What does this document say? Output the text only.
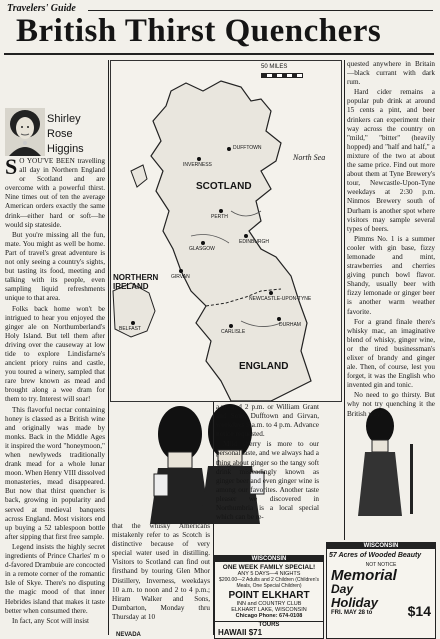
Travelers' Guide
British Thirst Quenchers
Shirley
Rose
Higgins

S O YOU'VE BEEN travelling all day in Northern England or Scotland and are overcome with a powerful thirst. Nine times out of ten the average American orders exactly the same drink—either hard or soft—he would sip stateside.

But you're missing all the fun, mate. You might as well be home. Part of travel's great adventure is not only seeing a country's sights, but tasting its food, meeting and talking with its people, even sampling liquid refreshments unique to that area.

Folks back home won't be intrigued to hear you enjoyed the ginger ale on Northumberland's Holy Island. But tell them after driving over the causeway at low tide to explore Lindisfarne's ancient priory ruins and castle, you toured a winery, sampled that rare brew known as mead and brought along a wee dram for them to try. Interest will soar!

This flavorful nectar containing honey is classed as a British wine and originally was made by monks. Back in the Middle Ages it inspired the word "honeymoon," when newlyweds traditionally drank mead for a whole lunar moon. When Henry VIII dissolved monasteries, mead disappeared. But now that thirst quencher is back, growing in popularity and served at medieval banquets across England. Most visitors end up buying a 52 tablespoon bottle after sipping that first free sample.

Legend insists the highly secret ingredients of Prince Charles' m o d-favored Drambuie are concocted in a remote corner of the romantic Isle of Skye. There's no disputing the magic mood of that inner Hebrides island that makes it taste better when consumed there.

In fact, any Scot will insist

50 MILES
North Sea
SCOTLAND
ENGLAND
NORTHERN IRELAND
INVERNESS
DUFFTOWN
PERTH
EDINBURGH
GLASGOW
GIRVAN
NEWCASTLE-UPON-TYNE
CARLISLE
DURHAM
BELFAST

that the whisky Americans mistakenly refer to as Scotch is distinctive because of very special water used in distilling. Visitors to Scotland can find out firsthand by touring Glen Mhor Distillery, Inverness, weekdays 10 a.m. to noon and 2 to 4 p.m.; Hiram Walker and Sons, Dumbarton, Monday thru Thursday at 10

a.m. and 2 p.m. or William Grant and Sons, Dufftown and Girvan, weekdays 9 a.m. to 4 p.m. Advance notice requested.

Mild sherry is more to our personal taste, and we always had a thing about ginger so the tangy soft drink misleadingly known as ginger beer and even ginger wine is among our favorites. Another taste pleaser we discovered in Northumbria is a local special which can be re-

quested anywhere in Britain—black currant with dark rum.

Hard cider remains a popular pub drink at around 15 cents a pint, and beer drinkers can experiment their way across the country on "mild," "bitter" (heavily hopped) and "half and half," a mixture of the two at about the same price. Find out more about them at Tyne Brewery's tour, Newcastle-Upon-Tyne weekdays at 2:30 p.m. Ninmos Brewery south of Durham is another spot where visitors may sample several types of beers.

Pimms No. 1 is a summer cooler with gin base, fizzy lemonade and mint, strawberries and cherries giving punch bowl flavor. Shandy, usually beer with fizzy lemonade or ginger beer is another warm weather favorite.

For a grand finale there's whisky mac, an imaginative blend of whisky, ginger wine, or the tired businessman's elixer of brandy and ginger ale. Then, of course, lest you forget, it was the English who invented gin and tonic.

No need to go thirsty. But why not try quenching it the British way?

WISCONSIN
ONE WEEK FAMILY SPECIAL!
ANY 5 DAYS—4 NIGHTS
$200.00—2 Adults and 2 Children (Children's Meals, One Special Children)
POINT ELKHART
INN and COUNTRY CLUB
ELKHART LAKE, WISCONSIN
Chicago Phone: 674-0108
TOURS
HAWAII $71
NEVADA
WISCONSIN
57 Acres of Wooded Beauty
NOT NOTICE
Memorial
Day
Holiday
FRI. MAY 28 to	$14
